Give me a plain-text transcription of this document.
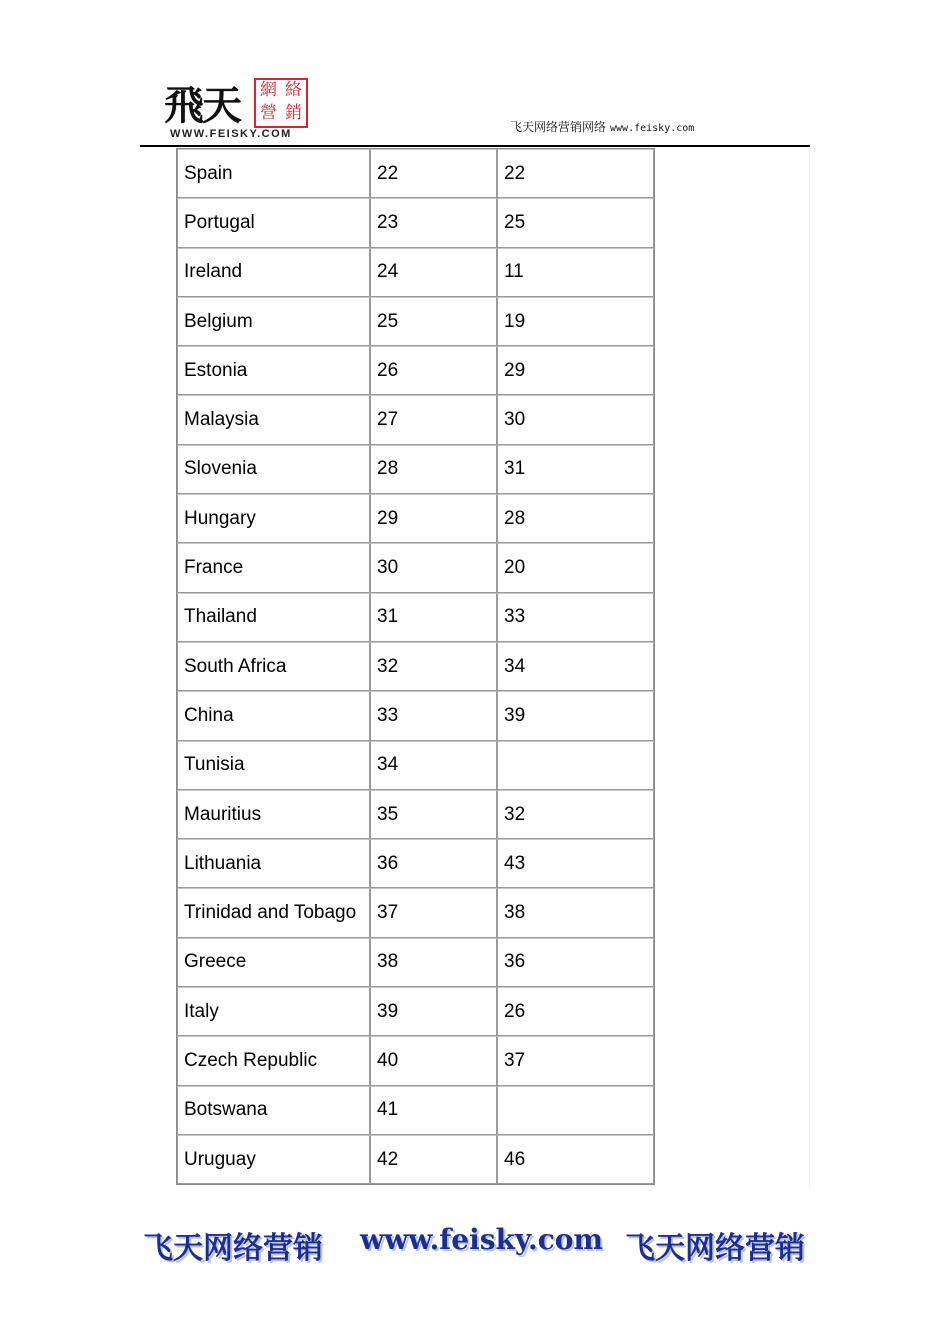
飛天 網 絡
營 銷
WWW.FEISKY.COM	飞天网络营销网络 www.feisky.com
Spain	22	22
Portugal	23	25
Ireland	24	11
Belgium	25	19
Estonia	26	29
Malaysia	27	30
Slovenia	28	31
Hungary	29	28
France	30	20
Thailand	31	33
South Africa	32	34
China	33	39
Tunisia	34	
Mauritius	35	32
Lithuania	36	43
Trinidad and Tobago	37	38
Greece	38	36
Italy	39	26
Czech Republic	40	37
Botswana	41	
Uruguay	42	46
飞天网络营销 www.feisky.com 飞天网络营销
